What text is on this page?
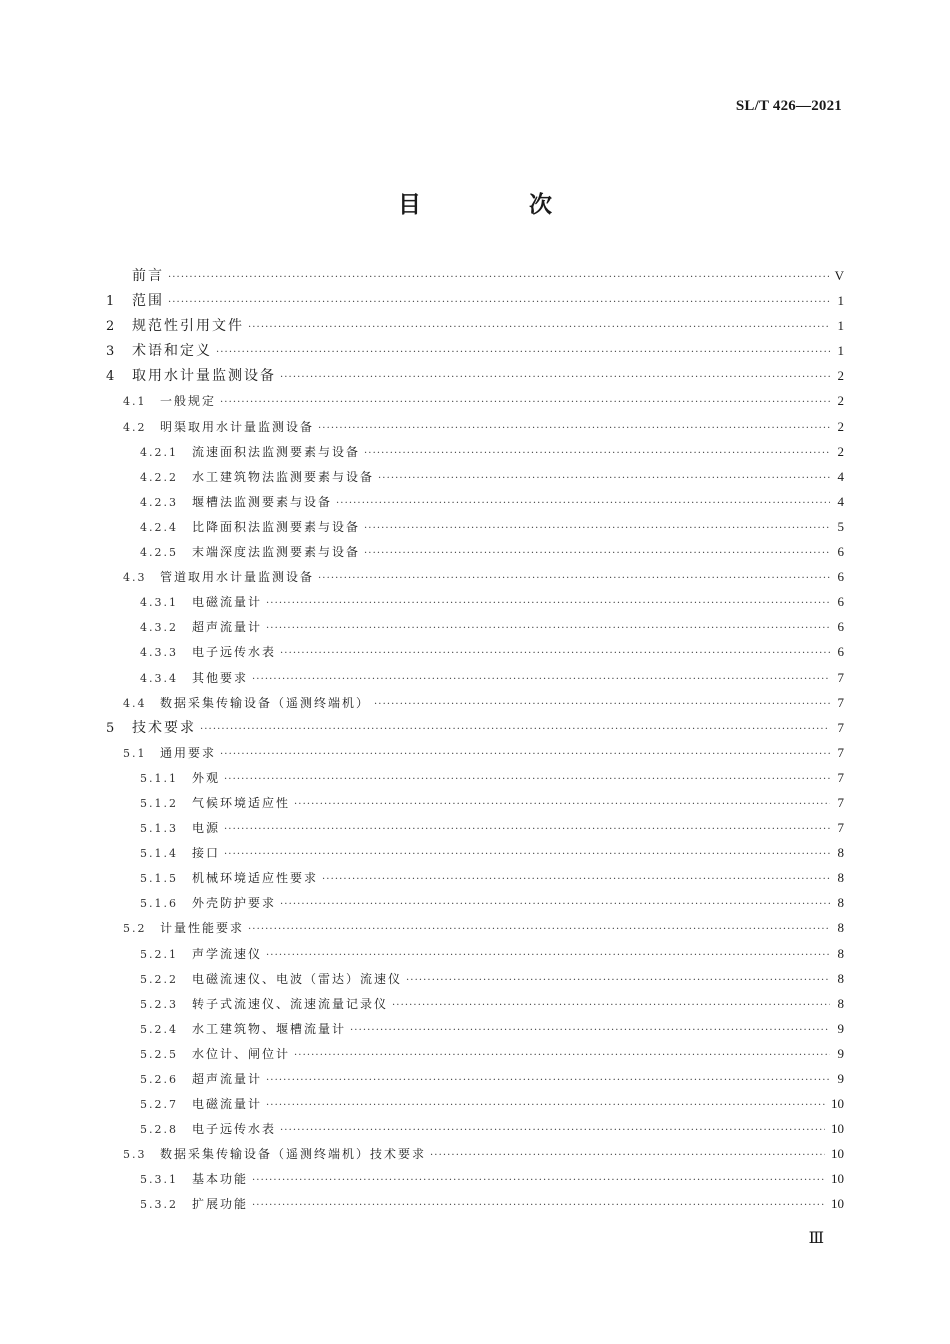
SL/T 426—2021
目 次
前言 ·····	V
1	范围 ·····	1
2	规范性引用文件 ·····	1
3	术语和定义 ·····	1
4	取用水计量监测设备 ·····	2
4.1	一般规定 ·····	2
4.2	明渠取用水计量监测设备 ·····	2
4.2.1	流速面积法监测要素与设备 ·····	2
4.2.2	水工建筑物法监测要素与设备 ·····	4
4.2.3	堰槽法监测要素与设备 ·····	4
4.2.4	比降面积法监测要素与设备 ·····	5
4.2.5	末端深度法监测要素与设备 ·····	6
4.3	管道取用水计量监测设备 ·····	6
4.3.1	电磁流量计 ·····	6
4.3.2	超声流量计 ·····	6
4.3.3	电子远传水表 ·····	6
4.3.4	其他要求 ·····	7
4.4	数据采集传输设备（遥测终端机） ·····	7
5	技术要求 ·····	7
5.1	通用要求 ·····	7
5.1.1	外观 ·····	7
5.1.2	气候环境适应性 ·····	7
5.1.3	电源 ·····	7
5.1.4	接口 ·····	8
5.1.5	机械环境适应性要求 ·····	8
5.1.6	外壳防护要求 ·····	8
5.2	计量性能要求 ·····	8
5.2.1	声学流速仪 ·····	8
5.2.2	电磁流速仪、电波（雷达）流速仪 ·····	8
5.2.3	转子式流速仪、流速流量记录仪 ·····	8
5.2.4	水工建筑物、堰槽流量计 ·····	9
5.2.5	水位计、闸位计 ·····	9
5.2.6	超声流量计 ·····	9
5.2.7	电磁流量计 ·····	10
5.2.8	电子远传水表 ·····	10
5.3	数据采集传输设备（遥测终端机）技术要求 ·····	10
5.3.1	基本功能 ·····	10
5.3.2	扩展功能 ·····	10
Ⅲ
